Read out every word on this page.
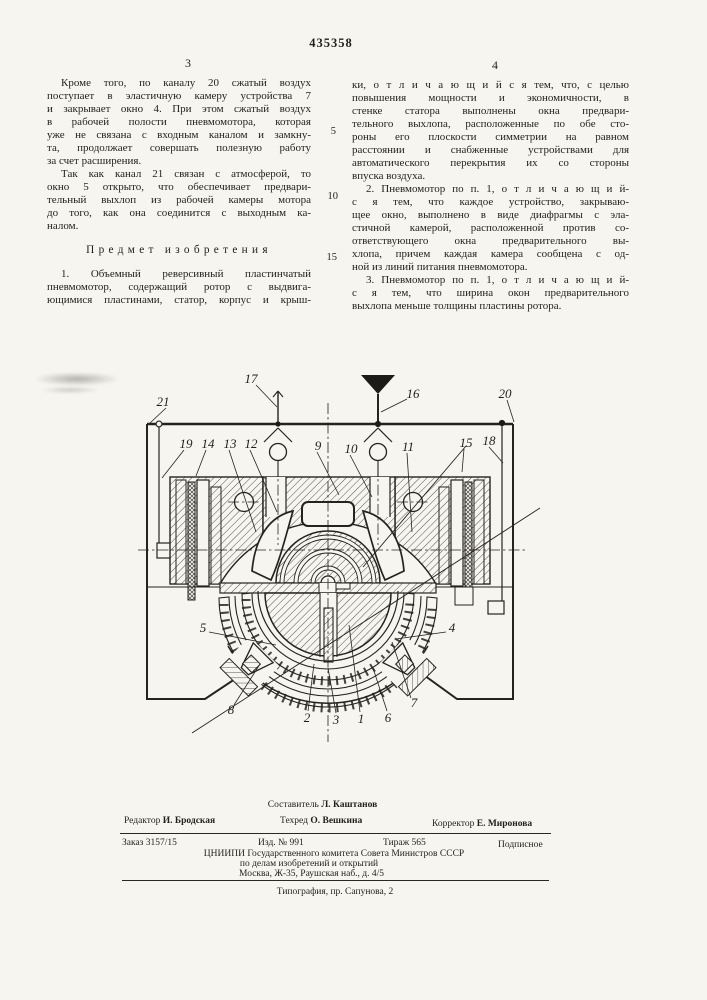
435358
3	4
Кроме того, по каналу 20 сжатый воздух
поступает в эластичную камеру устройства 7
и закрывает окно 4. При этом сжатый воздух
в рабочей полости пневмомотора, которая
уже не связана с входным каналом и замкну-
та, продолжает совершать полезную работу
за счет расширения.
Так как канал 21 связан с атмосферой, то
окно 5 открыто, что обеспечивает предвари-
тельный выхлоп из рабочей камеры мотора
до того, как она соединится с выходным ка-
налом.
Предмет изобретения
1. Объемный реверсивный пластинчатый
пневмомотор, содержащий ротор с выдвига-
ющимися пластинами, статор, корпус и крыш-
ки, о т л и ч а ю щ и й с я тем, что, с целью
повышения мощности и экономичности, в
стенке статора выполнены окна предвари-
тельного выхлопа, расположенные по обе сто-
роны его плоскости симметрии на равном
расстоянии и снабженные устройствами для
автоматического перекрытия их со стороны
впуска воздуха.
2. Пневмомотор по п. 1, о т л и ч а ю щ и й-
с я тем, что каждое устройство, закрываю-
щее окно, выполнено в виде диафрагмы с эла-
стичной камерой, расположенной против со-
ответствующего окна предварительного вы-
хлопа, причем каждая камера сообщена с од-
ной из линий питания пневмомотора.
3. Пневмомотор по п. 1, о т л и ч а ю щ и й-
с я тем, что ширина окон предварительного
выхлопа меньше толщины пластины ротора.
5
10
15
21
17
16	20
19 14 13 12	9 10	11	15 18
5	4
8
2 3 1 6
7
Составитель Л. Каштанов
Редактор И. Бродская	Техред О. Вешкина	Корректор Е. Миронова
Заказ 3157/15	Изд. № 991	Тираж 565	Подписное
ЦНИИПИ Государственного комитета Совета Министров СССР
по делам изобретений и открытий
Москва, Ж-35, Раушская наб., д. 4/5
Типография, пр. Сапунова, 2
